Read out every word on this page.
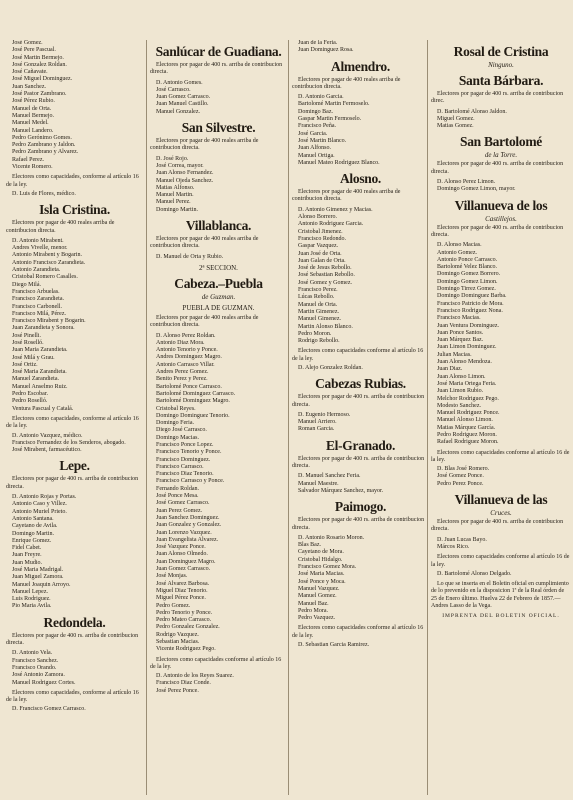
José Gomez.
José Pere Pascual.
José Martin Bermejo.
José Gonzalez Roldan.
José Cañavate.
José Miguel Dominguez.
Juan Sanchez.
José Pastor Zambrano.
José Pérez Rubio.
Manuel de Orta.
Manuel Bermejo.
Manuel Medel.
Manuel Landero.
Pedro Gerónimo Gomes.
Pedro Zambrano y Jaldon.
Pedro Zambrano y Alvarez.
Rafael Perez.
Vicente Romero.
Electores como capacidades, conforme al artículo 16 de la ley.
D. Luis de Flores, médico.
Isla Cristina.
Electores por pagar de 400 reales arriba de contribucion directa.
D. Antonio Mirabent.
Andres Vivelle, menor.
Antonio Mirabent y Bogarin.
Antonio Francisco Zarandieta.
Antonio Zarandieta.
Cristobal Romero Casalles.
Diego Milá.
Francisco Arbuelas.
Francisco Zarandieta.
Francisco Carbonell.
Francisco Milá, Pérez.
Francisco Mirabent y Bogarin.
Juan Zarandieta y Sonora.
José Pinelli.
José Roselló.
Juan Maria Zarandieta.
José Milá y Grau.
José Ortiz.
José Maria Zarandieta.
Manuel Zarandieta.
Manuel Anselmo Ruiz.
Pedro Escobar.
Pedro Roselló.
Ventura Pascual y Catalá.
Electores como capacidades, conforme al artículo 16 de la ley.
D. Antonio Vazquez, médico.
Francisco Fernandez de los Senderos, abogado.
José Mirabent, farmacéutico.
Lepe.
Electores por pagar de 400 rs. arriba de contribucion directa.
D. Antonio Rojas y Portas.
Antonio Caso y Villez.
Antonio Muriel Prieto.
Antonio Santana.
Cayetano de Avila.
Domingo Martin.
Enrique Gomez.
Fidel Cabet.
Juan Freyre.
Juan Mudio.
José Maria Madrigal.
Juan Miguel Zamora.
Manuel Joaquin Arroyo.
Manuel Lepez.
Luis Rodriguez.
Pio Maria Avila.
Redondela.
Electores por pagar de 400 rs. arriba de contribucion directa.
D. Antonio Vela.
Francisco Sanchez.
Francisco Orando.
José Antonio Zamora.
Manuel Rodriguez Cortes.
Electores como capacidades, conforme al artículo 16 de la ley.
D. Francisco Gomez Carrasco.
Sanlúcar de Guadiana.
Electores por pagar de 400 rs. arriba de contribucion directa.
D. Antonio Gomes.
José Carrasco.
Juan Gomez Carrasco.
Juan Manuel Castillo.
Manuel Gonzalez.
San Silvestre.
Electores por pagar de 400 reales arriba de contribucion directa.
D. José Rojo.
José Correa, mayor.
Juan Alonso Fernandez.
Manuel Ojeda Sanchez.
Matias Alfonso.
Manuel Martin.
Manuel Perez.
Domingo Martin.
Villablanca.
Electores por pagar de 400 reales arriba de contribucion directa.
D. Manuel de Orta y Rubio.
2ª SECCION.
Cabeza.–Puebla
de Guzman.
PUEBLA DE GUZMAN.
Electores por pagar de 400 reales arriba de contribucion directa.
D. Alonso Perez Roldan.
Antonio Diaz Mora.
Antonio Tenorio y Ponce.
Andres Dominguez Magro.
Antonio Carrasco Villar.
Andres Perez Gomez.
Benito Perez y Perez.
Bartolomé Ponce Carrasco.
Bartolomé Dominguez Carrasco.
Bartolomé Dominguez Magro.
Cristobal Reyes.
Domingo Dominguez Tenorio.
Domingo Feria.
Diego José Carrasco.
Domingo Macias.
Francisco Ponce Lopez.
Francisco Tenorio y Ponce.
Francisco Dominguez.
Francisco Carrasco.
Francisco Diaz Tenorio.
Francisco Carrasco y Ponce.
Fernando Roldan.
José Ponce Mesa.
José Gomez Carrasco.
Juan Perez Gomez.
Juan Sanchez Dominguez.
Juan Gonzalez y Gonzalez.
Juan Lorenzo Vazquez.
Juan Evangelista Alvarez.
José Vazquez Ponce.
Juan Alonso Olmedo.
Juan Dominguez Magro.
Juan Gomez Carrasco.
José Monjas.
José Alvarez Barbosa.
Miguel Diaz Tenorio.
Miguel Pérez Ponce.
Pedro Gomez.
Pedro Tenorio y Ponce.
Pedro Mateo Carrasco.
Pedro Gonzalez Gonzalez.
Rodrigo Vazquez.
Sebastian Macias.
Vicente Rodriguez Pego.
Electores como capacidades conforme al artículo 16 de la ley.
D. Antonio de los Reyes Suarez.
Francisco Diaz Conde.
José Perez Ponce.
Juan de la Feria.
Juan Dominguez Rosa.
Almendro.
Electores por pagar de 400 reales arriba de contribucion directa.
D. Antonio Garcia.
Bartolomé Martin Fermoselo.
Domingo Baz.
Gaspar Martin Fermoselo.
Francisco Peña.
José Garcia.
José Martin Blanco.
Juan Alfonso.
Manuel Ortiga.
Manuel Mateo Rodriguez Blanco.
Alosno.
Electores por pagar de 400 reales arriba de contribucion directa.
D. Antonio Gimenez y Macias.
Alonso Borrero.
Antonio Rodriguez Garcia.
Cristobal Jimenez.
Francisco Redondo.
Gaspar Vazquez.
Juan José de Orta.
Juan Galan de Orta.
José de Jesus Rebollo.
José Sebastian Rebollo.
José Gomez y Gomez.
Francisco Perez.
Lúcas Rebollo.
Manuel de Orta.
Martin Gimenez.
Manuel Gimenez.
Martin Alonso Blanco.
Pedro Moron.
Rodrigo Rebollo.
Electores como capacidades conforme al artículo 16 de la ley.
D. Alejo Gonzalez Roldan.
Cabezas Rubias.
Electores por pagar de 400 rs. arriba de contribucion directa.
D. Eugenio Hermoso.
Manuel Arriero.
Roman Garcia.
El-Granado.
Electores por pagar de 400 rs. arriba de contribucion directa.
D. Manuel Sanchez Feria.
Manuel Maestre.
Salvador Márquez Sanchez, mayor.
Paimogo.
Electores por pagar de 400 rs. arriba de contribucion directa.
D. Antonio Rosario Moron.
Blas Baz.
Cayetano de Mora.
Cristobal Hidalgo.
Francisco Gomez Mora.
José Maria Macias.
José Ponce y Moca.
Manuel Vazquez.
Manuel Gomez.
Manuel Baz.
Pedro Mora.
Pedro Vazquez.
Electores como capacidades conforme al artículo 16 de la ley.
D. Sebastian Garcia Ramirez.
Rosal de Cristina
Ninguno.
Santa Bárbara.
Electores por pagar de 400 rs. arriba de contribucion direc.
D. Bartolomé Alonso Jaldon.
Miguel Gomez.
Matias Gomez.
San Bartolomé
de la Torre.
Electores por pagar de 400 rs. arriba de contribucion directa.
D. Alonso Perez Limon.
Domingo Gomez Limon, mayor.
Villanueva de los
Castillejos.
Electores por pagar de 400 rs. arriba de contribucion directa.
D. Alonso Macias.
Antonio Gomez.
Antonio Ponce Carrasco.
Bartolomé Velez Blanco.
Domingo Gomez Borrero.
Domingo Gomez Limon.
Domingo Tirrez Gomez.
Domingo Dominguez Barba.
Francisco Patricio de Mora.
Francisco Rodriguez Nona.
Francisco Macias.
Juan Ventura Dominguez.
Juan Ponce Santos.
Juan Márquez Baz.
Juan Limon Dominguez.
Julian Macias.
Juan Alonso Mendoza.
Juan Diaz.
Juan Alonso Limon.
José Maria Ortega Feria.
Juan Limon Rubio.
Melchor Rodriguez Pego.
Modesto Sanchez.
Manuel Rodriguez Ponce.
Manuel Alonso Limon.
Matias Márquez García.
Pedro Rodriguez Moron.
Rafael Rodriguez Moron.
Electores como capacidades conforme al artículo 16 de la ley.
D. Blas José Romero.
José Gomez Ponce.
Pedro Perez Ponce.
Villanueva de las
Cruces.
Electores por pagar de 400 rs. arriba de contribucion directa.
D. Juan Lucas Bayo.
Márcos Rico.
Electores como capacidades conforme al artículo 16 de la ley.
D. Bartolomé Alonso Delgado.
Lo que se inserta en el Boletin oficial en cumplimiento de lo prevenido en la disposicion 1ª de la Real órden de 25 de Enero último. Huelva 22 de Febrero de 1857.—Andres Lasso de la Vega.
IMPRENTA DEL BOLETIN OFICIAL.
